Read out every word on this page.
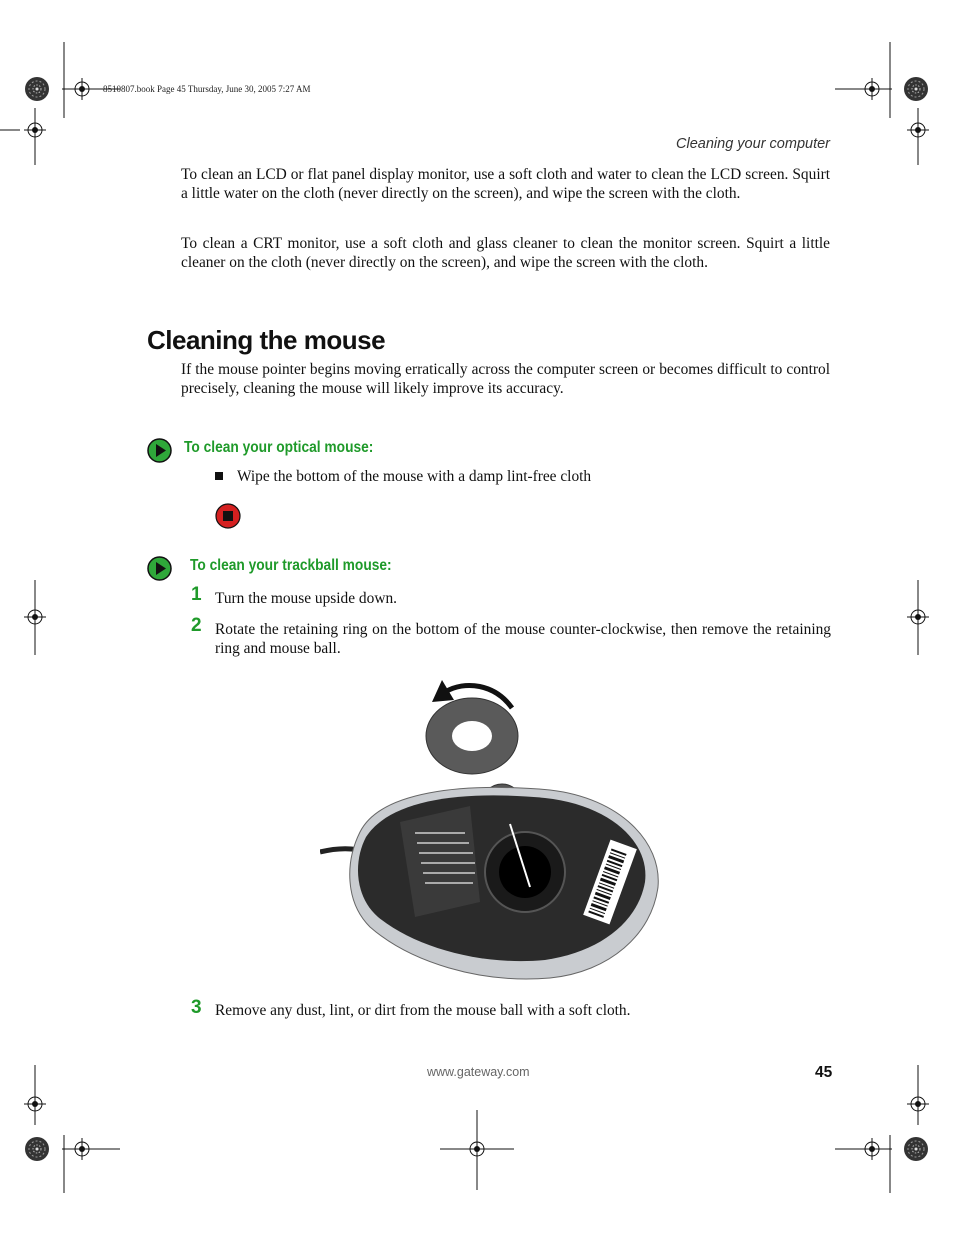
8510807.book Page 45 Thursday, June 30, 2005 7:27 AM
Cleaning your computer

To clean an LCD or flat panel display monitor, use a soft cloth and water to clean the LCD screen. Squirt a little water on the cloth (never directly on the screen), and wipe the screen with the cloth.

To clean a CRT monitor, use a soft cloth and glass cleaner to clean the monitor screen. Squirt a little cleaner on the cloth (never directly on the screen), and wipe the screen with the cloth.

Cleaning the mouse

If the mouse pointer begins moving erratically across the computer screen or becomes difficult to control precisely, cleaning the mouse will likely improve its accuracy.

To clean your optical mouse:
Wipe the bottom of the mouse with a damp lint-free cloth
To clean your trackball mouse:
1 Turn the mouse upside down.

2 Rotate the retaining ring on the bottom of the mouse counter-clockwise, then remove the retaining ring and mouse ball.

3 Remove any dust, lint, or dirt from the mouse ball with a soft cloth.

www.gateway.com	45
